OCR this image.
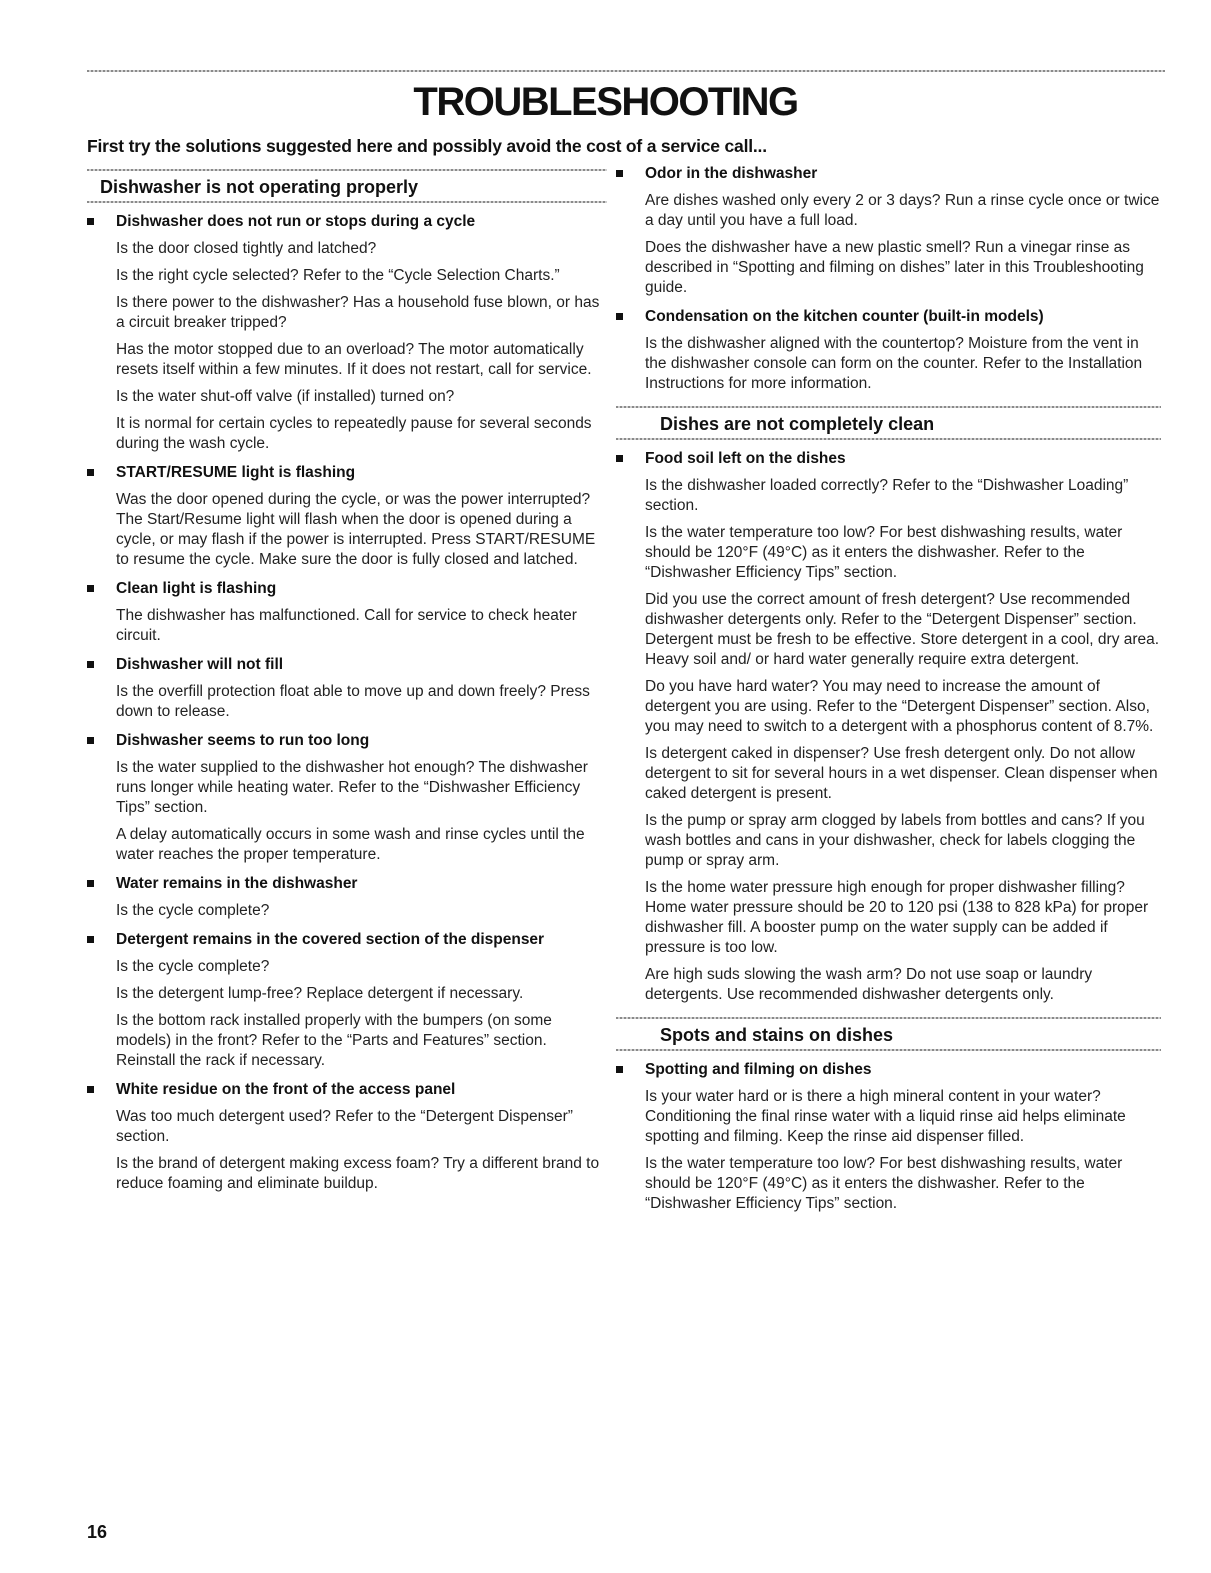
TROUBLESHOOTING
First try the solutions suggested here and possibly avoid the cost of a service call...
Dishwasher is not operating properly
Dishwasher does not run or stops during a cycle

Is the door closed tightly and latched?

Is the right cycle selected? Refer to the “Cycle Selection Charts.”

Is there power to the dishwasher? Has a household fuse blown, or has a circuit breaker tripped?

Has the motor stopped due to an overload? The motor automatically resets itself within a few minutes. If it does not restart, call for service.

Is the water shut-off valve (if installed) turned on?

It is normal for certain cycles to repeatedly pause for several seconds during the wash cycle.

START/RESUME light is flashing

Was the door opened during the cycle, or was the power interrupted? The Start/Resume light will flash when the door is opened during a cycle, or may flash if the power is interrupted. Press START/RESUME to resume the cycle. Make sure the door is fully closed and latched.

Clean light is flashing

The dishwasher has malfunctioned. Call for service to check heater circuit.

Dishwasher will not fill

Is the overfill protection float able to move up and down freely? Press down to release.

Dishwasher seems to run too long

Is the water supplied to the dishwasher hot enough? The dishwasher runs longer while heating water. Refer to the “Dishwasher Efficiency Tips” section.

A delay automatically occurs in some wash and rinse cycles until the water reaches the proper temperature.

Water remains in the dishwasher

Is the cycle complete?

Detergent remains in the covered section of the dispenser

Is the cycle complete?

Is the detergent lump-free? Replace detergent if necessary.

Is the bottom rack installed properly with the bumpers (on some models) in the front? Refer to the “Parts and Features” section. Reinstall the rack if necessary.

White residue on the front of the access panel

Was too much detergent used? Refer to the “Detergent Dispenser” section.

Is the brand of detergent making excess foam? Try a different brand to reduce foaming and eliminate buildup.

Odor in the dishwasher

Are dishes washed only every 2 or 3 days? Run a rinse cycle once or twice a day until you have a full load.

Does the dishwasher have a new plastic smell? Run a vinegar rinse as described in “Spotting and filming on dishes” later in this Troubleshooting guide.

Condensation on the kitchen counter (built-in models)

Is the dishwasher aligned with the countertop? Moisture from the vent in the dishwasher console can form on the counter. Refer to the Installation Instructions for more information.

Dishes are not completely clean
Food soil left on the dishes

Is the dishwasher loaded correctly? Refer to the “Dishwasher Loading” section.

Is the water temperature too low? For best dishwashing results, water should be 120°F (49°C) as it enters the dishwasher. Refer to the “Dishwasher Efficiency Tips” section.

Did you use the correct amount of fresh detergent? Use recommended dishwasher detergents only. Refer to the “Detergent Dispenser” section. Detergent must be fresh to be effective. Store detergent in a cool, dry area. Heavy soil and/ or hard water generally require extra detergent.

Do you have hard water? You may need to increase the amount of detergent you are using. Refer to the “Detergent Dispenser” section. Also, you may need to switch to a detergent with a phosphorus content of 8.7%.

Is detergent caked in dispenser? Use fresh detergent only. Do not allow detergent to sit for several hours in a wet dispenser. Clean dispenser when caked detergent is present.

Is the pump or spray arm clogged by labels from bottles and cans? If you wash bottles and cans in your dishwasher, check for labels clogging the pump or spray arm.

Is the home water pressure high enough for proper dishwasher filling? Home water pressure should be 20 to 120 psi (138 to 828 kPa) for proper dishwasher fill. A booster pump on the water supply can be added if pressure is too low.

Are high suds slowing the wash arm? Do not use soap or laundry detergents. Use recommended dishwasher detergents only.

Spots and stains on dishes
Spotting and filming on dishes

Is your water hard or is there a high mineral content in your water? Conditioning the final rinse water with a liquid rinse aid helps eliminate spotting and filming. Keep the rinse aid dispenser filled.

Is the water temperature too low? For best dishwashing results, water should be 120°F (49°C) as it enters the dishwasher. Refer to the “Dishwasher Efficiency Tips” section.

16
